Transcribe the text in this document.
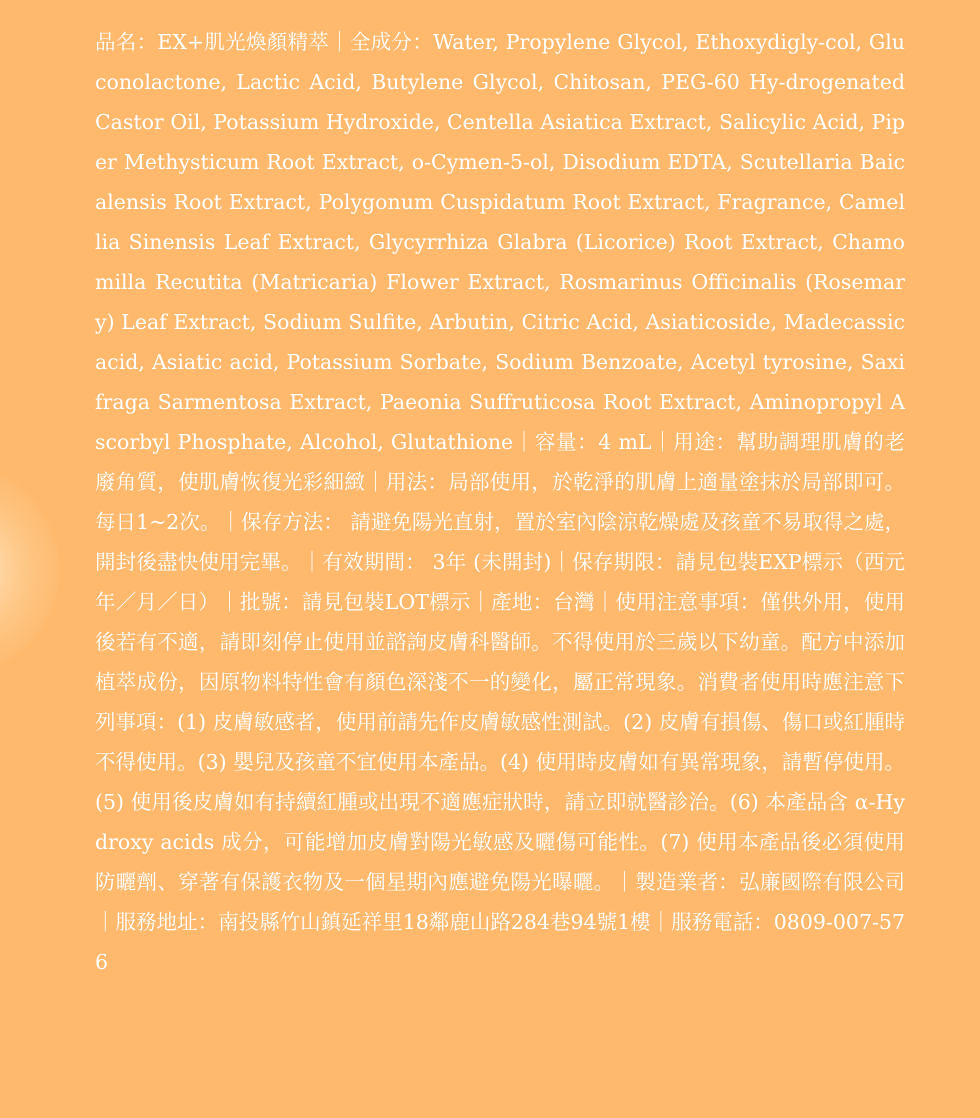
品名：EX+肌光煥顏精萃｜全成分：Water, Propylene Glycol, Ethoxydigly-col, Gluconolactone, Lactic Acid, Butylene Glycol, Chitosan, PEG-60 Hy-drogenated Castor Oil, Potassium Hydroxide, Centella Asiatica Extract, Salicylic Acid, Piper Methysticum Root Extract, o-Cymen-5-ol, Disodium EDTA, Scutellaria Baicalensis Root Extract, Polygonum Cuspidatum Root Extract, Fragrance, Camellia Sinensis Leaf Extract, Glycyrrhiza Glabra (Licorice) Root Extract, Chamomilla Recutita (Matricaria) Flower Extract, Rosmarinus Officinalis (Rosemary) Leaf Extract, Sodium Sulfite, Arbutin, Citric Acid, Asiaticoside, Madecassic acid, Asiatic acid, Potassium Sorbate, Sodium Benzoate, Acetyl tyrosine, Saxifraga Sarmentosa Extract, Paeonia Suffruticosa Root Extract, Aminopropyl Ascorbyl Phosphate, Alcohol, Glutathione｜容量：4 mL｜用途：幫助調理肌膚的老廢角質，使肌膚恢復光彩細緻｜用法：局部使用，於乾淨的肌膚上適量塗抹於局部即可。每日1~2次。｜保存方法： 請避免陽光直射，置於室內陰涼乾燥處及孩童不易取得之處，開封後盡快使用完畢。｜有效期間： 3年 (未開封)｜保存期限：請見包裝EXP標示（西元年／月／日）｜批號：請見包裝LOT標示｜產地：台灣｜使用注意事項：僅供外用，使用後若有不適，請即刻停止使用並諮詢皮膚科醫師。不得使用於三歲以下幼童。配方中添加植萃成份，因原物料特性會有顏色深淺不一的變化，屬正常現象。消費者使用時應注意下列事項：(1) 皮膚敏感者，使用前請先作皮膚敏感性測試。(2) 皮膚有損傷、傷口或紅腫時不得使用。(3) 嬰兒及孩童不宜使用本產品。(4) 使用時皮膚如有異常現象，請暫停使用。(5) 使用後皮膚如有持續紅腫或出現不適應症狀時，請立即就醫診治。(6) 本產品含 α-Hydroxy acids 成分，可能增加皮膚對陽光敏感及曬傷可能性。(7) 使用本產品後必須使用防曬劑、穿著有保護衣物及一個星期內應避免陽光曝曬。｜製造業者：弘廉國際有限公司｜服務地址：南投縣竹山鎮延祥里18鄰鹿山路284巷94號1樓｜服務電話：0809-007-576
